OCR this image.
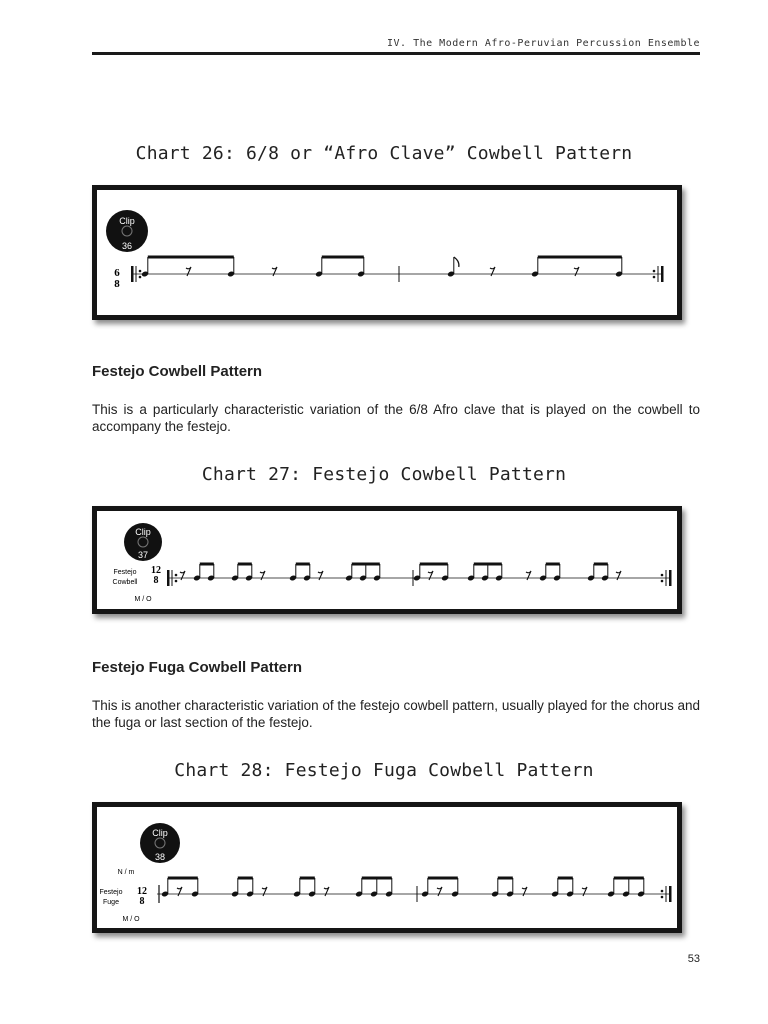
IV. The Modern Afro-Peruvian Percussion Ensemble
Chart 26: 6/8 or “Afro Clave” Cowbell Pattern
Clip
36
6
8
Festejo Cowbell Pattern
This is a particularly characteristic variation of the 6/8 Afro clave that is played on the cowbell to accompany the festejo.
Chart 27: Festejo Cowbell Pattern
Clip
37
Festejo
Cowbell
12
8
M / O
Festejo Fuga Cowbell Pattern
This is another characteristic variation of the festejo cowbell pattern, usually played for the chorus and the fuga or last section of the festejo.
Chart 28: Festejo Fuga Cowbell Pattern
Clip
38
N / m
Festejo
Fuge
12
8
M / O
53
